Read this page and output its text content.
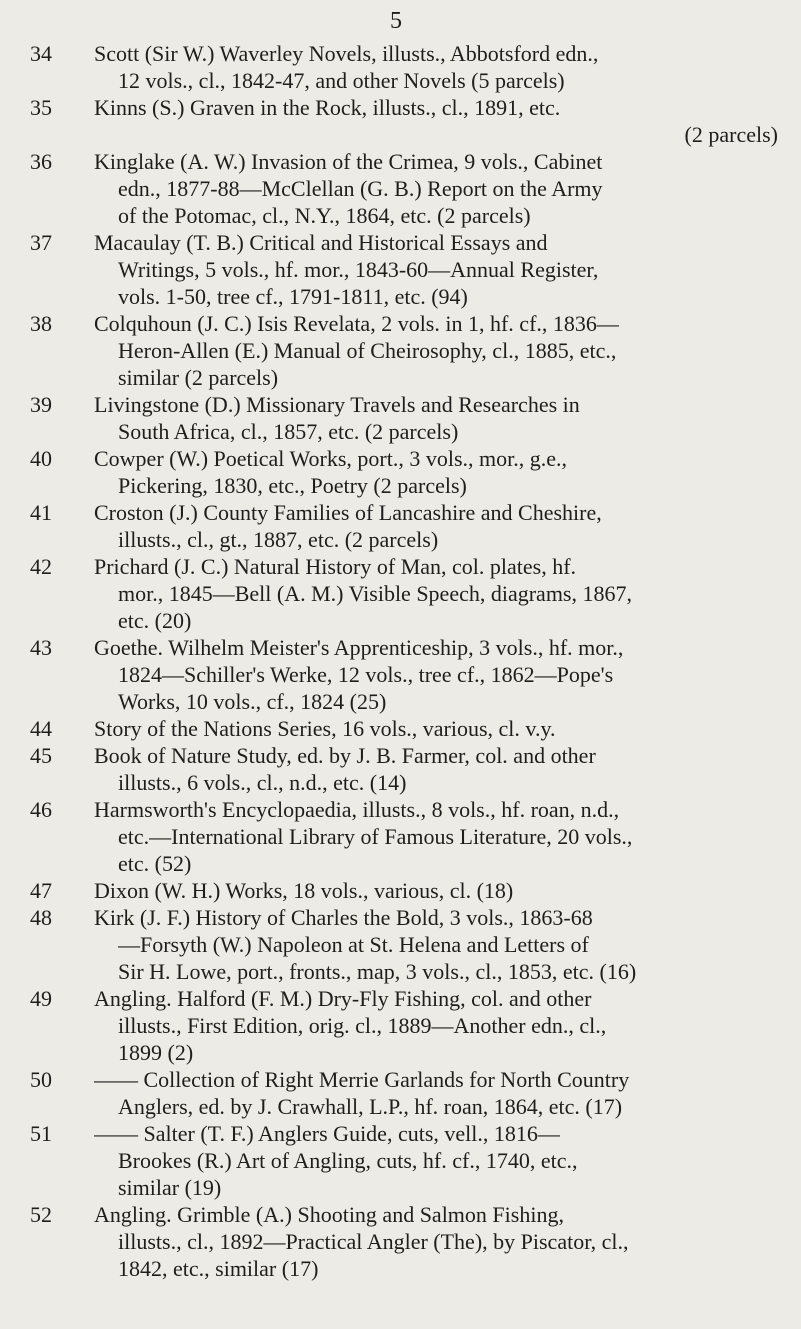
5
34	Scott (Sir W.) Waverley Novels, illusts., Abbotsford edn.,
12 vols., cl., 1842-47, and other Novels (5 parcels)
35	Kinns (S.) Graven in the Rock, illusts., cl., 1891, etc.
(2 parcels)
36	Kinglake (A. W.) Invasion of the Crimea, 9 vols., Cabinet
edn., 1877-88—McClellan (G. B.) Report on the Army
of the Potomac, cl., N.Y., 1864, etc. (2 parcels)
37	Macaulay (T. B.) Critical and Historical Essays and
Writings, 5 vols., hf. mor., 1843-60—Annual Register,
vols. 1-50, tree cf., 1791-1811, etc. (94)
38	Colquhoun (J. C.) Isis Revelata, 2 vols. in 1, hf. cf., 1836—
Heron-Allen (E.) Manual of Cheirosophy, cl., 1885, etc.,
similar (2 parcels)
39	Livingstone (D.) Missionary Travels and Researches in
South Africa, cl., 1857, etc. (2 parcels)
40	Cowper (W.) Poetical Works, port., 3 vols., mor., g.e.,
Pickering, 1830, etc., Poetry (2 parcels)
41	Croston (J.) County Families of Lancashire and Cheshire,
illusts., cl., gt., 1887, etc. (2 parcels)
42	Prichard (J. C.) Natural History of Man, col. plates, hf.
mor., 1845—Bell (A. M.) Visible Speech, diagrams, 1867,
etc. (20)
43	Goethe. Wilhelm Meister's Apprenticeship, 3 vols., hf. mor.,
1824—Schiller's Werke, 12 vols., tree cf., 1862—Pope's
Works, 10 vols., cf., 1824 (25)
44	Story of the Nations Series, 16 vols., various, cl. v.y.
45	Book of Nature Study, ed. by J. B. Farmer, col. and other
illusts., 6 vols., cl., n.d., etc. (14)
46	Harmsworth's Encyclopaedia, illusts., 8 vols., hf. roan, n.d.,
etc.—International Library of Famous Literature, 20 vols.,
etc. (52)
47	Dixon (W. H.) Works, 18 vols., various, cl. (18)
48	Kirk (J. F.) History of Charles the Bold, 3 vols., 1863-68
—Forsyth (W.) Napoleon at St. Helena and Letters of
Sir H. Lowe, port., fronts., map, 3 vols., cl., 1853, etc. (16)
49	Angling. Halford (F. M.) Dry-Fly Fishing, col. and other
illusts., First Edition, orig. cl., 1889—Another edn., cl.,
1899 (2)
50	—— Collection of Right Merrie Garlands for North Country
Anglers, ed. by J. Crawhall, L.P., hf. roan, 1864, etc. (17)
51	—— Salter (T. F.) Anglers Guide, cuts, vell., 1816—
Brookes (R.) Art of Angling, cuts, hf. cf., 1740, etc.,
similar (19)
52	Angling. Grimble (A.) Shooting and Salmon Fishing,
illusts., cl., 1892—Practical Angler (The), by Piscator, cl.,
1842, etc., similar (17)
